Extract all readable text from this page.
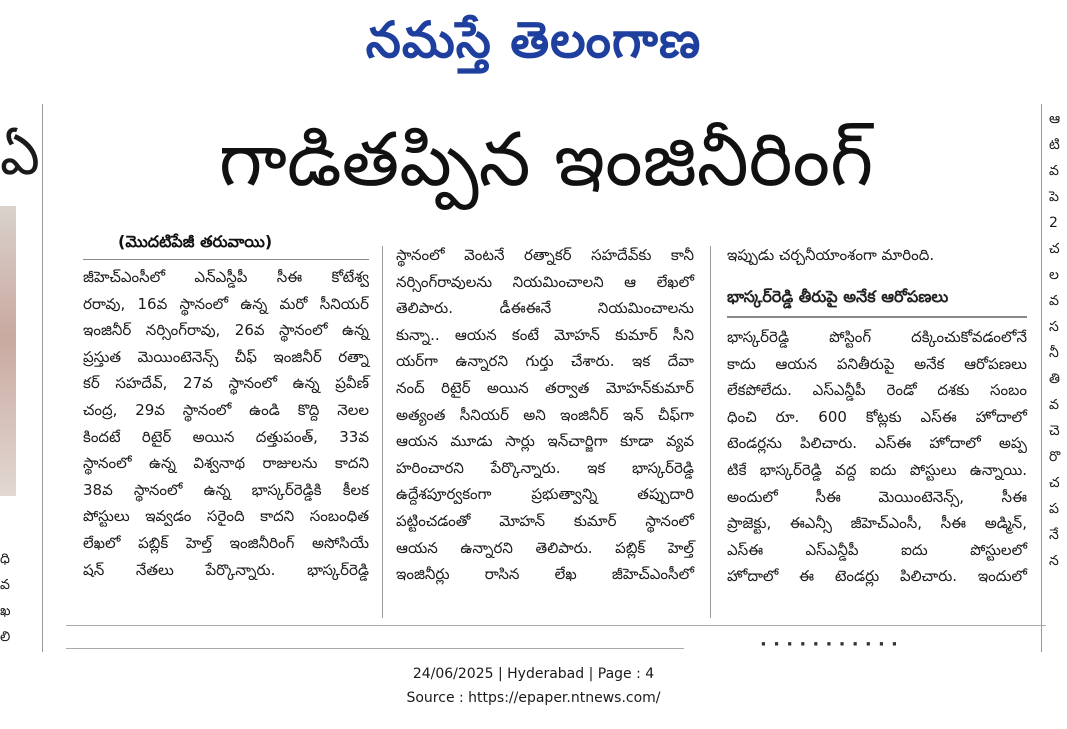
నమస్తే తెలంగాణ
ఏ
ధి
వ
ఖ
లి
ఆ
టి
వ
పె
2
చ
ల
వ
స
నీ
తి
వ
చె
రొ
చ
ప
నే
న
గాడితప్పిన ఇంజినీరింగ్
(మొదటిపేజీ తరువాయి)
జీహెచ్ఎంసీలో ఎన్ఎస్డీపీ సీఈ కోటేశ్వ
రరావు, 16వ స్థానంలో ఉన్న మరో సీనియర్
ఇంజినీర్ నర్సింగ్‌రావు, 26వ స్థానంలో ఉన్న
ప్రస్తుత మెయింటెనెన్స్ చీఫ్ ఇంజినీర్ రత్నా
కర్ సహదేవ్, 27వ స్థానంలో ఉన్న ప్రవీణ్
చంద్ర, 29వ స్థానంలో ఉండి కొద్ది నెలల
కిందటే రిటైర్ అయిన దత్తుపంత్, 33వ
స్థానంలో ఉన్న విశ్వనాథ రాజులను కాదని
38వ స్థానంలో ఉన్న భాస్కర్‌రెడ్డికి కీలక
పోస్టులు ఇవ్వడం సరైంది కాదని సంబంధిత
లేఖలో పబ్లిక్ హెల్త్ ఇంజినీరింగ్ అసోసియే
షన్ నేతలు పేర్కొన్నారు. భాస్కర్‌రెడ్డి
స్థానంలో వెంటనే రత్నాకర్ సహదేవ్‌కు కానీ
నర్సింగ్‌రావులను నియమించాలని ఆ లేఖలో
తెలిపారు. డీఈఈనే నియమించాలను
కున్నా.. ఆయన కంటే మోహన్ కుమార్ సీని
యర్‌గా ఉన్నారని గుర్తు చేశారు. ఇక దేవా
నంద్ రిటైర్ అయిన తర్వాత మోహన్‌కుమార్
అత్యంత సీనియర్ అని ఇంజినీర్ ఇన్ చీఫ్‌గా
ఆయన మూడు సార్లు ఇన్‌చార్జిగా కూడా వ్యవ
హరించారని పేర్కొన్నారు. ఇక భాస్కర్‌రెడ్డి
ఉద్దేశపూర్వకంగా ప్రభుత్వాన్ని తప్పుదారి
పట్టించడంతో మోహన్ కుమార్ స్థానంలో
ఆయన ఉన్నారని తెలిపారు. పబ్లిక్ హెల్త్
ఇంజినీర్లు రాసిన లేఖ జీహెచ్ఎంసీలో
ఇప్పుడు చర్చనీయాంశంగా మారింది.
భాస్కర్‌రెడ్డి తీరుపై అనేక ఆరోపణలు
భాస్కర్‌రెడ్డి పోస్టింగ్ దక్కించుకోవడంలోనే
కాదు ఆయన పనితీరుపై అనేక ఆరోపణలు
లేకపోలేదు. ఎస్ఎన్డీపీ రెండో దశకు సంబం
ధించి రూ. 600 కోట్లకు ఎస్ఈ హోదాలో
టెండర్లను పిలిచారు. ఎస్ఈ హోదాలో అప్ప
టికే భాస్కర్‌రెడ్డి వద్ద ఐదు పోస్టులు ఉన్నాయి.
అందులో సీఈ మెయింటెనెన్స్, సీఈ
ప్రాజెక్టు, ఈఎన్సీ జీహెచ్ఎంసీ, సీఈ అడ్మిన్,
ఎస్ఈ ఎస్ఎన్డీపీ ఐదు పోస్టులలో
హోదాలో ఈ టెండర్లు పిలిచారు. ఇందులో
· · · · · · · · · · ·
24/06/2025 | Hyderabad | Page : 4
Source : https://epaper.ntnews.com/
